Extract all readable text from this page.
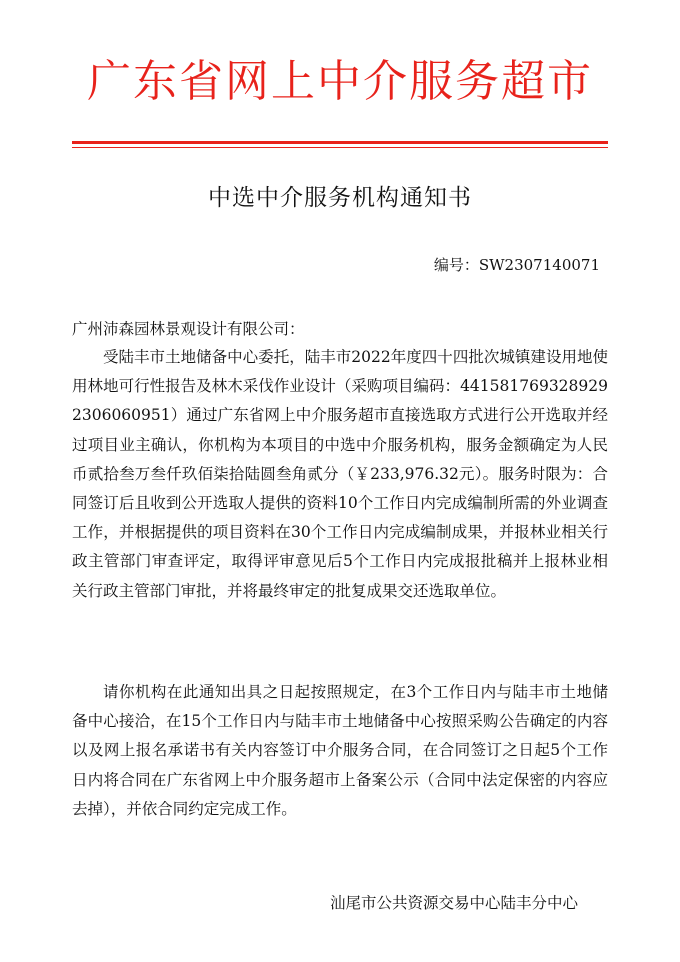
广东省网上中介服务超市
中选中介服务机构通知书
编号：SW2307140071
广州沛森园林景观设计有限公司：

受陆丰市土地储备中心委托，陆丰市2022年度四十四批次城镇建设用地使用林地可行性报告及林木采伐作业设计（采购项目编码：4415817693289292306060951）通过广东省网上中介服务超市直接选取方式进行公开选取并经过项目业主确认，你机构为本项目的中选中介服务机构，服务金额确定为人民币贰拾叁万叁仟玖佰柒拾陆圆叁角贰分（￥233,976.32元）。服务时限为：合同签订后且收到公开选取人提供的资料10个工作日内完成编制所需的外业调查工作，并根据提供的项目资料在30个工作日内完成编制成果，并报林业相关行政主管部门审查评定，取得评审意见后5个工作日内完成报批稿并上报林业相关行政主管部门审批，并将最终审定的批复成果交还选取单位。

请你机构在此通知出具之日起按照规定，在3个工作日内与陆丰市土地储备中心接洽，在15个工作日内与陆丰市土地储备中心按照采购公告确定的内容以及网上报名承诺书有关内容签订中介服务合同，在合同签订之日起5个工作日内将合同在广东省网上中介服务超市上备案公示（合同中法定保密的内容应去掉），并依合同约定完成工作。

汕尾市公共资源交易中心陆丰分中心
